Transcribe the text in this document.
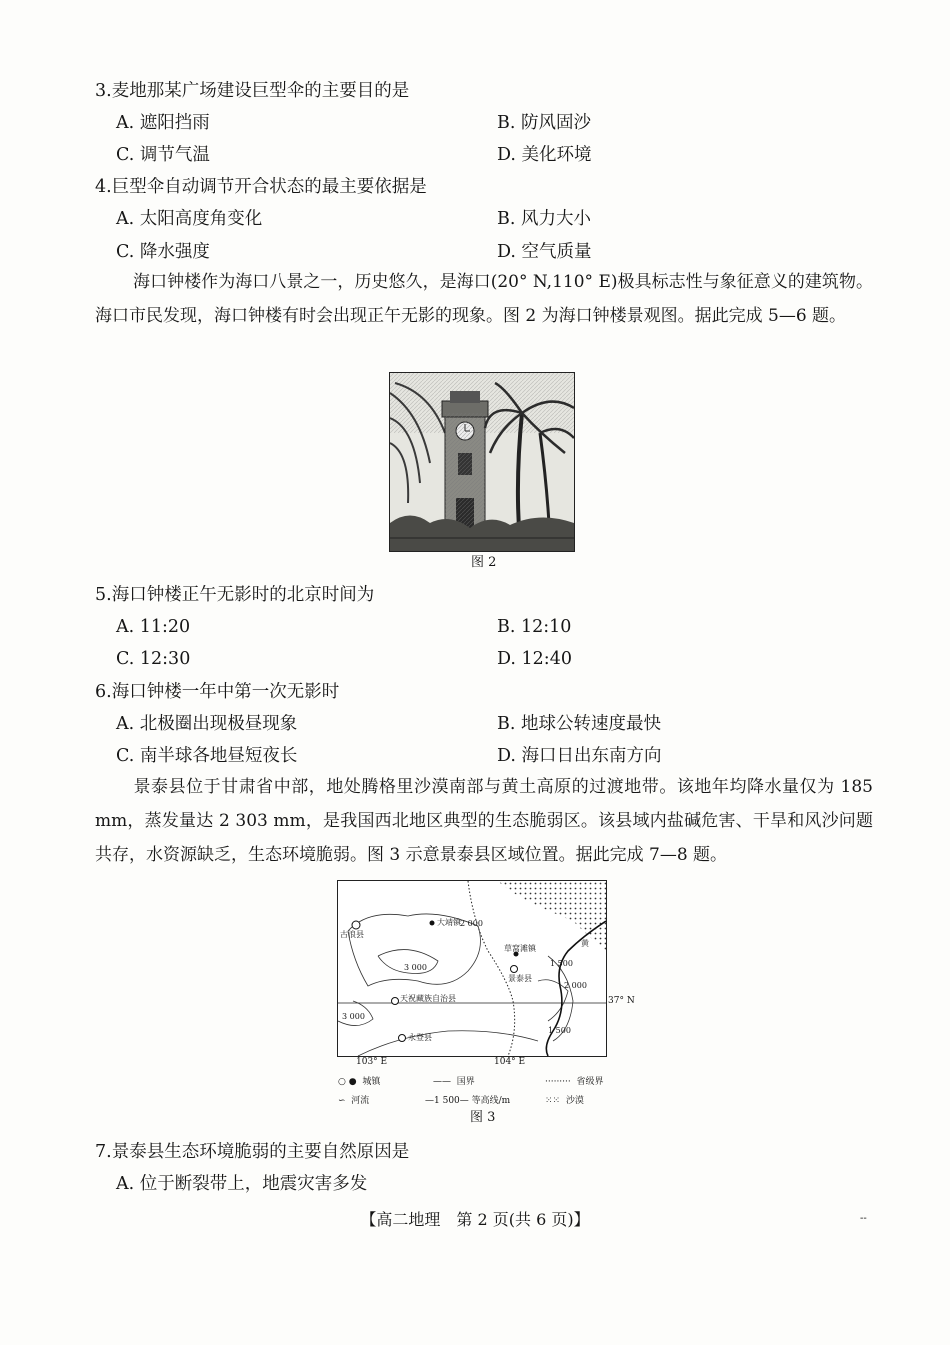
3.麦地那某广场建设巨型伞的主要目的是
A. 遮阳挡雨	B. 防风固沙
C. 调节气温	D. 美化环境
4.巨型伞自动调节开合状态的最主要依据是
A. 太阳高度角变化	B. 风力大小
C. 降水强度	D. 空气质量
海口钟楼作为海口八景之一，历史悠久，是海口(20° N,110° E)极具标志性与象征意义的建筑物。海口市民发现，海口钟楼有时会出现正午无影的现象。图 2 为海口钟楼景观图。据此完成 5—6 题。
图 2
5.海口钟楼正午无影时的北京时间为
A. 11:20	B. 12:10
C. 12:30	D. 12:40
6.海口钟楼一年中第一次无影时
A. 北极圈出现极昼现象	B. 地球公转速度最快
C. 南半球各地昼短夜长	D. 海口日出东南方向
景泰县位于甘肃省中部，地处腾格里沙漠南部与黄土高原的过渡地带。该地年均降水量仅为 185 mm，蒸发量达 2 303 mm，是我国西北地区典型的生态脆弱区。该县域内盐碱危害、干旱和风沙问题共存，水资源缺乏，生态环境脆弱。图 3 示意景泰县区域位置。据此完成 7—8 题。
古浪县
大靖镇
草窝滩镇
景泰县
天祝藏族自治县
永登县
2 000
3 000
3 000
1 500
2 000
1 500
黄
37° N
103° E	104° E
○ ● 城镇	—— 国界	········· 省级界
∽ 河流	—1 500— 等高线/m	⁙⁙ 沙漠
图 3
7.景泰县生态环境脆弱的主要自然原因是
A. 位于断裂带上，地震灾害多发
【高二地理　第 2 页(共 6 页)】	--
